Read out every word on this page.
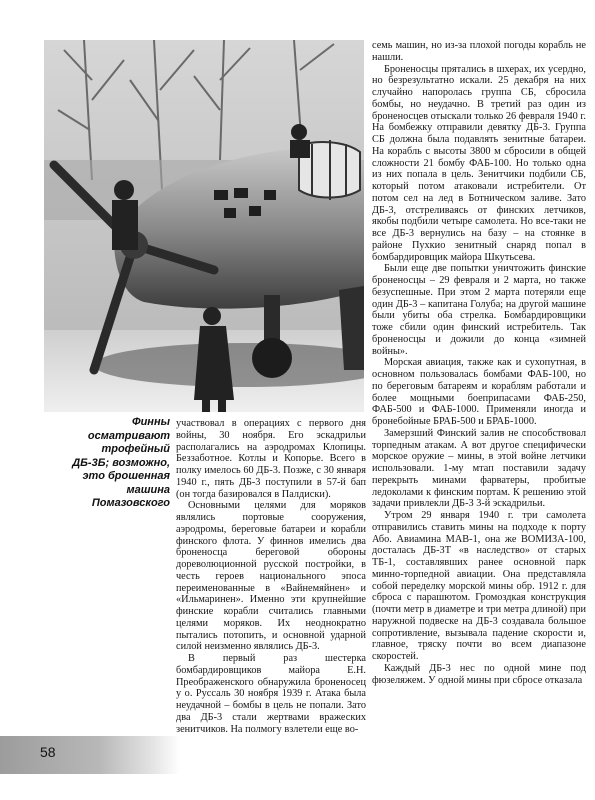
Финны
осматривают
трофейный
ДБ-3Б; возможно,
это брошенная
машина
Помазовского

участвовал в операциях с первого дня войны, 30 ноября. Его эскадрильи располагались на аэродромах Клопицы. Беззаботное. Котлы и Копорье. Всего в полку имелось 60 ДБ-3. Позже, с 30 января 1940 г., пять ДБ-3 поступили в 57-й бап (он тогда базировался в Палдиски).

Основными целями для моряков являлись портовые сооружения, аэродромы, береговые батареи и корабли финского флота. У финнов имелись два броненосца береговой обороны дореволюционной русской постройки, в честь героев национального эпоса переименованные в «Вайнемяйнен» и «Ильмаринен». Именно эти крупнейшие финские корабли считались главными целями моряков. Их неоднократно пытались потопить, и основной ударной силой неизменно являлись ДБ-3.

В первый раз шестерка бомбардировщиков майора Е.Н. Преображенского обнаружила броненосец у о. Руссаль 30 ноября 1939 г. Атака была неудачной – бомбы в цель не попали. Зато два ДБ-3 стали жертвами вражеских зенитчиков. На полмогу взлетели еще во-

семь машин, но из-за плохой погоды корабль не нашли.

Броненосцы прятались в шхерах, их усердно, но безрезультатно искали. 25 декабря на них случайно напоролась группа СБ, сбросила бомбы, но неудачно. В третий раз один из броненосцев отыскали только 26 февраля 1940 г. На бомбежку отправили девятку ДБ-3. Группа СБ должна была подавлять зенитные батареи. На корабль с высоты 3800 м сбросили в общей сложности 21 бомбу ФАБ-100. Но только одна из них попала в цель. Зенитчики подбили СБ, который потом атаковали истребители. От потом сел на лед в Ботническом заливе. Зато ДБ-3, отстреливаясь от финских летчиков, якобы подбили четыре самолета. Но все-таки не все ДБ-3 вернулись на базу – на стоянке в районе Пухкио зенитный снаряд попал в бомбардировщик майора Шкутьсева.

Были еще две попытки уничтожить финские броненосцы – 29 февраля и 2 марта, но также безуспешные. При этом 2 марта потеряли еще один ДБ-3 – капитана Голуба; на другой машине были убиты оба стрелка. Бомбардировщики тоже сбили один финский истребитель. Так броненосцы и дожили до конца «зимней войны».

Морская авиация, также как и сухопутная, в основном пользовалась бомбами ФАБ-100, но по береговым батареям и кораблям работали и более мощными боеприпасами ФАБ-250, ФАБ-500 и ФАБ-1000. Применяли иногда и бронебойные БРАБ-500 и БРАБ-1000.

Замерзший Финский залив не способствовал торпедным атакам. А вот другое специфически морское оружие – мины, в этой войне летчики использовали. 1-му мтап поставили задачу перекрыть минами фарватеры, пробитые ледоколами к финским портам. К решению этой задачи привлекли ДБ-3 3-й эскадрильи.

Утром 29 января 1940 г. три самолета отправились ставить мины на подходе к порту Або. Авиамина МАВ-1, она же ВОМИЗА-100, досталась ДБ-3Т «в наследство» от старых ТБ-1, составлявших ранее основной парк минно-торпедной авиации. Она представляла собой переделку морской мины обр. 1912 г. для сброса с парашютом. Громоздкая конструкция (почти метр в диаметре и три метра длиной) при наружной подвеске на ДБ-3 создавала большое сопротивление, вызывала падение скорости и, главное, тряску почти во всем диапазоне скоростей.

Каждый ДБ-3 нес по одной мине под фюзеляжем. У одной мины при сбросе отказала

58
